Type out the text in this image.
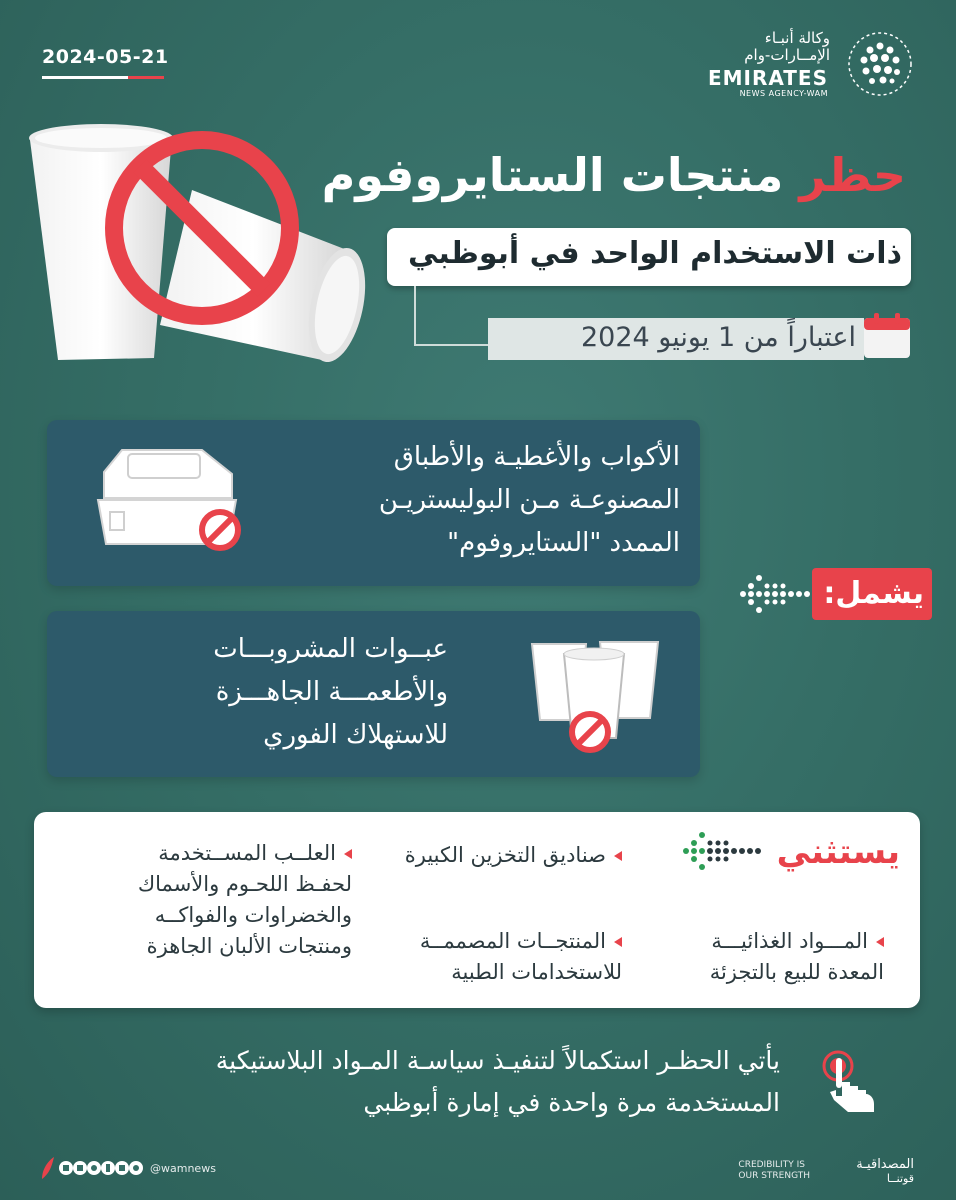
2024-05-21
وكالة أنبـاء
الإمــارات-وام
EMIRATES
NEWS AGENCY-WAM
حظر منتجات الستايروفوم
ذات الاستخدام الواحد في أبوظبي
اعتباراً من 1 يونيو 2024
الأكواب والأغطيـة والأطباق
المصنوعـة مـن البوليستريـن
الممدد "الستايروفوم"
يشمل:
عبــوات المشروبـــات
والأطعمـــة الجاهـــزة
للاستهلاك الفوري
يستثني
المـــواد الغذائيـــة
المعدة للبيع بالتجزئة
صناديق التخزين الكبيرة
المنتجــات المصممــة
للاستخدامات الطبية
العلــب المســتخدمة
لحفـظ اللحـوم والأسماك
والخضراوات والفواكــه
ومنتجات الألبان الجاهزة
يأتي الحظـر استكمالاً لتنفيـذ سياسـة المـواد البلاستيكية
المستخدمة مرة واحدة في إمارة أبوظبي
@wamnews	CREDIBILITY IS
OUR STRENGTH
المصداقيـة
قوتنــا
